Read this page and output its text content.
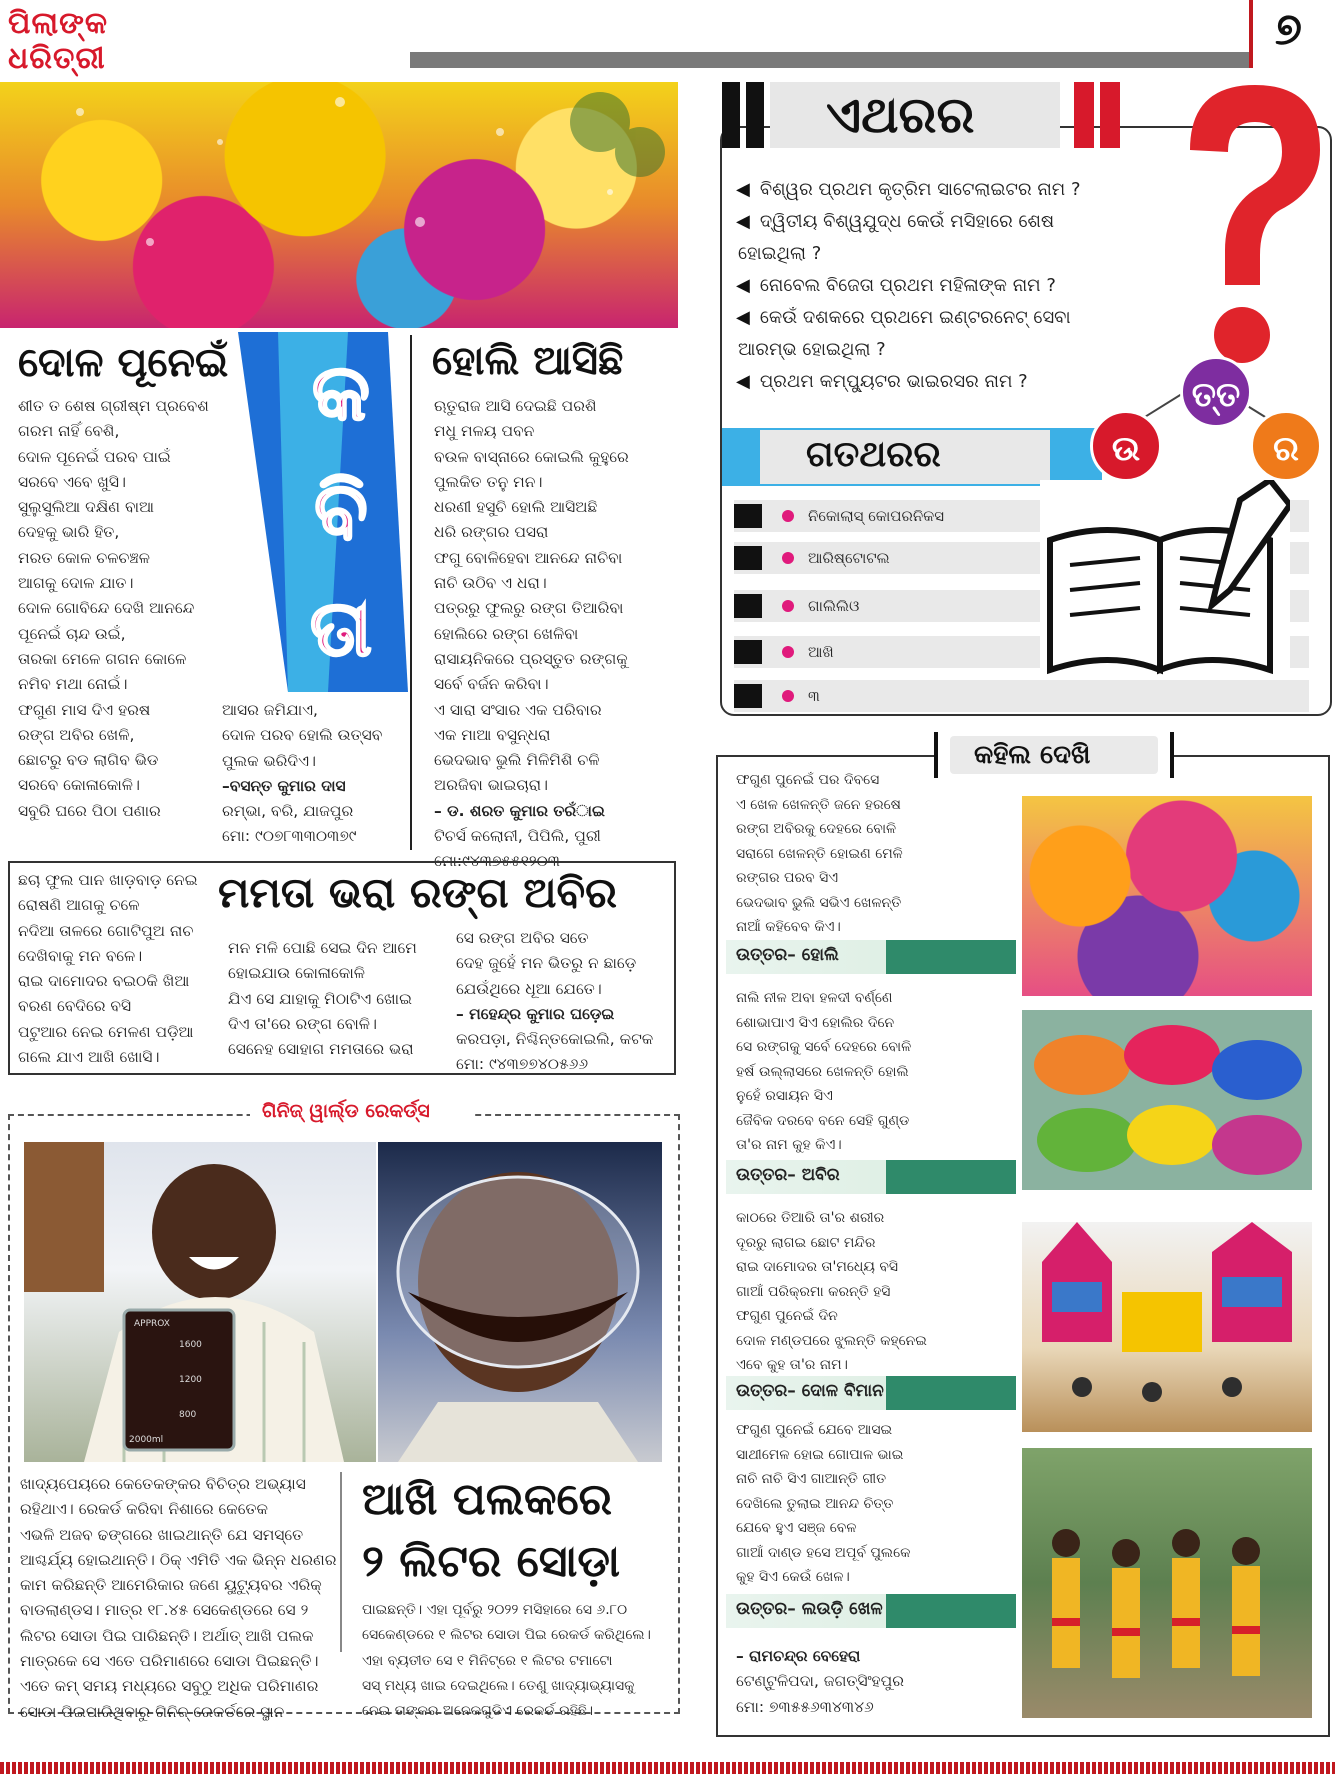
ପିଲାଙ୍କ ଧରିତ୍ରୀ
୭
ଦୋଳ ପୂନେଇଁ	କ
ବି
ତା
ଶୀତ ତ ଶେଷ ଗ୍ରୀଷ୍ମ ପ୍ରବେଶ
ଗରମ ନାହିଁ ବେଶି,
ଦୋଳ ପୂନେଇଁ ପରବ ପାଇଁ
ସରବେ ଏବେ ଖୁସି।
ସୁଲୁସୁଲିଆ ଦକ୍ଷିଣ ବାଆ
ଦେହକୁ ଭାରି ହିତ,
ମରତ କୋଳ ଚଳଚଞ୍ଚଳ
ଆଗକୁ ଦୋଳ ଯାତ।
ଦୋଳ ଗୋବିନ୍ଦେ ଦେଖି ଆନନ୍ଦେ
ପୂନେଇଁ ଚାନ୍ଦ ଉଇଁ,
ତାରକା ମେଳେ ଗଗନ କୋଳେ
ନମିବ ମଥା ନୋଇଁ।
ଫଗୁଣ ମାସ ଦିଏ ହରଷ
ରଙ୍ଗ ଅବିର ଖେଳି,
ଛୋଟରୁ ବଡ ଲାଗିବ ଭିଡ
ସରବେ କୋଳାକୋଳି।
ସବୁରି ଘରେ ପିଠା ପଣାର
ଆସର ଜମିଯାଏ,
ଦୋଳ ପରବ ହୋଲି ଉତ୍ସବ
ପୁଲକ ଭରିଦିଏ।
–ବସନ୍ତ କୁମାର ଦାସ
ରମ୍ଭା, ବରି, ଯାଜପୁର
ମୋ: ୯୦୭୮୩୩୦୩୭୯
ହୋଲି ଆସିଛି
ଋତୁରାଜ ଆସି ଦେଇଛି ପରଶି
ମଧୁ ମଳୟ ପବନ
ବଉଳ ବାସ୍ନାରେ କୋଇଲି କୁହୁରେ
ପୁଲକିତ ତନୁ ମନ।
ଧରଣୀ ହସୁଚି ହୋଲି ଆସିଅଛି
ଧରି ରଙ୍ଗର ପସରା
ଫଗୁ ବୋଳିହେବା ଆନନ୍ଦେ ନାଚିବା
ନାଚି ଉଠିବ ଏ ଧରା।
ପତ୍ରରୁ ଫୁଲରୁ ରଙ୍ଗ ତିଆରିବା
ହୋଲିରେ ରଙ୍ଗ ଖେଳିବା
ରାସାୟନିକରେ ପ୍ରସ୍ତୁତ ରଙ୍ଗକୁ
ସର୍ବେ ବର୍ଜନ କରିବା।
ଏ ସାରା ସଂସାର ଏକ ପରିବାର
ଏକ ମାଆ ବସୁନ୍ଧରା
ଭେଦଭାବ ଭୁଲି ମିଳିମିଶି ଚଳି
ଅରଜିବା ଭାଇଚାରା।
– ଡ. ଶରତ କୁମାର ତରଁାଇ
ଟିଚର୍ସ କଲୋନୀ, ପିପିଲି, ପୁରୀ
ମୋ:୯୪୩୭୫୫୧୨୦୩
ମମତା ଭରା ରଙ୍ଗ ଅବିର
ଛଚା ଫୁଲ ପାନ ଖାଡ଼ବାଡ଼ ନେଇ
ରୋଷଣି ଆଗକୁ ଚଳେ
ନଦିଆ ତାଳରେ ଗୋଟିପୁଅ ନାଚ
ଦେଖିବାକୁ ମନ ବଳେ।
ରାଇ ଦାମୋଦର ବଇଠକି ଖିଆ
ବରଣ ବେଦିରେ ବସି
ପଟୁଆର ନେଇ ମେଳଣ ପଡ଼ିଆ
ଗଲେ ଯାଏ ଆଖି ଖୋସି।
ମନ ମଳି ପୋଛି ସେଇ ଦିନ ଆମେ
ହୋଇଯାଉ କୋଳାକୋଳି
ଯିଏ ସେ ଯାହାକୁ ମିଠାଟିଏ ଖୋଇ
ଦିଏ ତା'ରେ ରଙ୍ଗ ବୋଳି।
ସେନେହ ସୋହାଗ ମମତାରେ ଭରା
ସେ ରଙ୍ଗ ଅବିର ସତେ
ଦେହ ଜୁହେଁ ମନ ଭିତରୁ ନ ଛାଡ଼େ
ଯେଉଁଥିରେ ଧୂଆ ଯେତେ।
– ମହେନ୍ଦ୍ର କୁମାର ଘଡ଼େଇ
କରପଡ଼ା, ନିଶ୍ଚିନ୍ତକୋଇଲି, କଟକ
ମୋ: ୯୪୩୭୭୪୦୫୬୬
ଗିନିଜ୍ ୱାର୍ଲ୍ଡ ରେକର୍ଡ୍ସ
APPROX
1600
1200
800
2000ml
ଆଖି ପଲକରେ
୨ ଲିଟର ସୋଡ଼ା
ଖାଦ୍ୟପେୟରେ କେତେକଙ୍କର ବିଚିତ୍ର ଅଭ୍ୟାସ
ରହିଥାଏ। ରେକର୍ଡ କରିବା ନିଶାରେ କେତେକ
ଏଭଳି ଅଜବ ଢଙ୍ଗରେ ଖାଇଥାନ୍ତି ଯେ ସମସ୍ତେ
ଆଶ୍ଚର୍ଯ୍ୟ ହୋଇଥାନ୍ତି। ଠିକ୍ ଏମିତି ଏକ ଭିନ୍ନ ଧରଣର
କାମ କରିଛନ୍ତି ଆମେରିକାର ଜଣେ ୟୁଟ୍ୟୁବର ଏରିକ୍
ବାଡଲାଣ୍ଡସ। ମାତ୍ର ୧୮.୪୫ ସେକେଣ୍ଡରେ ସେ ୨
ଲିଟର ସୋଡା ପିଇ ପାରିଛନ୍ତି। ଅର୍ଥାତ୍ ଆଖି ପଲକ
ମାତ୍ରକେ ସେ ଏତେ ପରିମାଣରେ ସୋଡା ପିଇଛନ୍ତି।
ଏତେ କମ୍ ସମୟ ମଧ୍ୟରେ ସବୁଠୁ ଅଧିକ ପରିମାଣର
ସୋଡା ପିଇପାରିଥିବାରୁ ଗିନିଜ୍ ରେକର୍ଡରେ ସ୍ଥାନ
ପାଇଛନ୍ତି। ଏହା ପୂର୍ବରୁ ୨୦୨୨ ମସିହାରେ ସେ ୬.୮୦
ସେକେଣ୍ଡରେ ୧ ଲିଟର ସୋଡା ପିଇ ରେକର୍ଡ କରିଥିଲେ।
ଏହା ବ୍ୟତୀତ ସେ ୧ ମିନିଟ୍‌ରେ ୧ ଲିଟର ଟମାଟୋ
ସସ୍ ମଧ୍ୟ ଖାଇ ଦେଇଥିଲେ। ତେଣୁ ଖାଦ୍ୟାଭ୍ୟାସକୁ
ନେଇ ତାଙ୍କର ଅନେକଗୁଡିଏ ରେକର୍ଡ ରହିଛି।
ଏଥରର
◀ ବିଶ୍ୱର ପ୍ରଥମ କୃତ୍ରିମ ସାଟେଲାଇଟର ନାମ ?
◀ ଦ୍ୱିତୀୟ ବିଶ୍ୱଯୁଦ୍ଧ କେଉଁ ମସିହାରେ ଶେଷ
ହୋଇଥିଲା ?
◀ ନୋବେଲ ବିଜେତା ପ୍ରଥମ ମହିଳାଙ୍କ ନାମ ?
◀ କେଉଁ ଦଶକରେ ପ୍ରଥମେ ଇଣ୍ଟରନେଟ୍ ସେବା
ଆରମ୍ଭ ହୋଇଥିଲା ?
◀ ପ୍ରଥମ କମ୍ପ୍ୟୁଟର ଭାଇରସର ନାମ ?
ଗତଥରର	ଉ
ତ୍ତ
ର
ନିକୋଲାସ୍ କୋପରନିକସ
ଆରିଷ୍ଟୋଟଲ
ଗାଲିଲିଓ
ଆଖି
୩
କହିଲ ଦେଖି
ଫଗୁଣ ପୁନେଇଁ ପର ଦିବସେ
ଏ ଖେଳ ଖେଳନ୍ତି ଜନେ ହରଷେ
ରଙ୍ଗ ଅବିରକୁ ଦେହରେ ବୋଳି
ସରାଗେ ଖେଳନ୍ତି ହୋଇଣ ମେଳି
ରଙ୍ଗର ପରବ ସିଏ
ଭେଦଭାବ ଭୁଲି ସଭିଏ ଖେଳନ୍ତି
ନାଆଁ କହିବେବ କିଏ।
ଉତ୍ତର– ହୋଲି
ନାଲି ନୀଳ ଅବା ହଳଦୀ ବର୍ଣ୍ଣେ
ଶୋଭାପାଏ ସିଏ ହୋଲିର ଦିନେ
ସେ ରଙ୍ଗକୁ ସର୍ବେ ଦେହରେ ବୋଳି
ହର୍ଷ ଉଲ୍ଲାସରେ ଖେଳନ୍ତି ହୋଲି
ନୁହେଁ ରସାୟନ ସିଏ
ଜୈବିକ ଦରବେ ବନେ ସେହି ଗୁଣ୍ଡ
ତା'ର ନାମ କୁହ କିଏ।
ଉତ୍ତର– ଅବିର
କାଠରେ ତିଆରି ତା'ର ଶରୀର
ଦୂରରୁ ଲାଗଇ ଛୋଟ ମନ୍ଦିର
ରାଇ ଦାମୋଦର ତା'ମଧ୍ୟେ ବସି
ଗାଆଁ ପରିକ୍ରମା କରନ୍ତି ହସି
ଫଗୁଣ ପୁନେଇଁ ଦିନ
ଦୋଳ ମଣ୍ଡପରେ ଝୁଲନ୍ତି କହ୍ନେଇ
ଏବେ କୁହ ତା'ର ନାମ।
ଉତ୍ତର– ଦୋଳ ବିମାନ
ଫଗୁଣ ପୁନେଇଁ ଯେବେ ଆସଇ
ସାଥୀମେଳ ହୋଇ ଗୋପାଳ ଭାଇ
ନାଚି ନାଚି ସିଏ ଗାଆନ୍ତି ଗୀତ
ଦେଖିଲେ ତୁଲାଇ ଆନନ୍ଦ ଚିତ୍ତ
ଯେବେ ହୁଏ ସଞ୍ଜ ବେଳ
ଗାଆଁ ଦାଣ୍ଡ ହସେ ଅପୂର୍ବ ପୁଲକେ
କୁହ ସିଏ କେଉଁ ଖେଳ।
ଉତ୍ତର– ଲଉଡ଼ି ଖେଳ
– ରାମଚନ୍ଦ୍ର ବେହେରା
ଟେଣ୍ଟୁଳିପଦା, ଜଗତ୍‌ସିଂହପୁର
ମୋ: ୭୩୫୫୬୩୪୩୪୬
